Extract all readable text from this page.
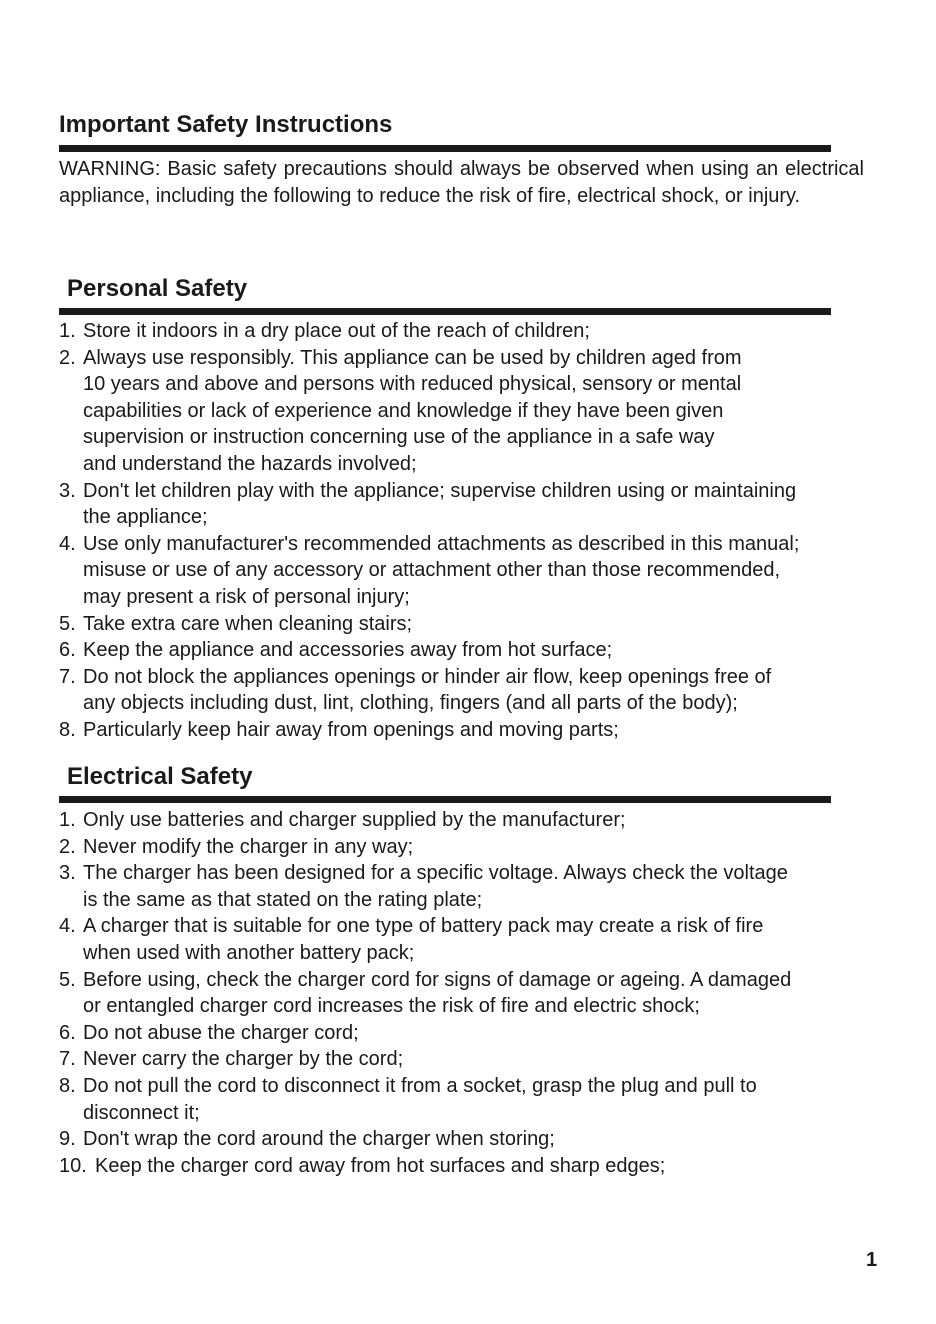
Important Safety Instructions
WARNING: Basic safety precautions should always be observed when using an electrical appliance, including the following to reduce the risk of fire, electrical shock, or injury.
Personal Safety
1. Store it indoors in a dry place out of the reach of children;
2. Always use responsibly. This appliance can be used by children aged from
10 years and above and persons with reduced physical, sensory or mental
capabilities or lack of experience and knowledge if they have been given
supervision or instruction concerning use of the appliance in a safe way
and understand the hazards involved;
3. Don't let children play with the appliance; supervise children using or maintaining
the appliance;
4. Use only manufacturer's recommended attachments as described in this manual;
misuse or use of any accessory or attachment other than those recommended,
may present a risk of personal injury;
5. Take extra care when cleaning stairs;
6. Keep the appliance and accessories away from hot surface;
7. Do not block the appliances openings or hinder air flow, keep openings free of
any objects including dust, lint, clothing, fingers (and all parts of the body);
8. Particularly keep hair away from openings and moving parts;
Electrical Safety
1. Only use batteries and charger supplied by the manufacturer;
2. Never modify the charger in any way;
3. The charger has been designed for a specific voltage. Always check the voltage
is the same as that stated on the rating plate;
4. A charger that is suitable for one type of battery pack may create a risk of fire
when used with another battery pack;
5. Before using, check the charger cord for signs of damage or ageing. A damaged
or entangled charger cord increases the risk of fire and electric shock;
6. Do not abuse the charger cord;
7. Never carry the charger by the cord;
8. Do not pull the cord to disconnect it from a socket, grasp the plug and pull to
disconnect it;
9. Don't wrap the cord around the charger when storing;
10. Keep the charger cord away from hot surfaces and sharp edges;
1
